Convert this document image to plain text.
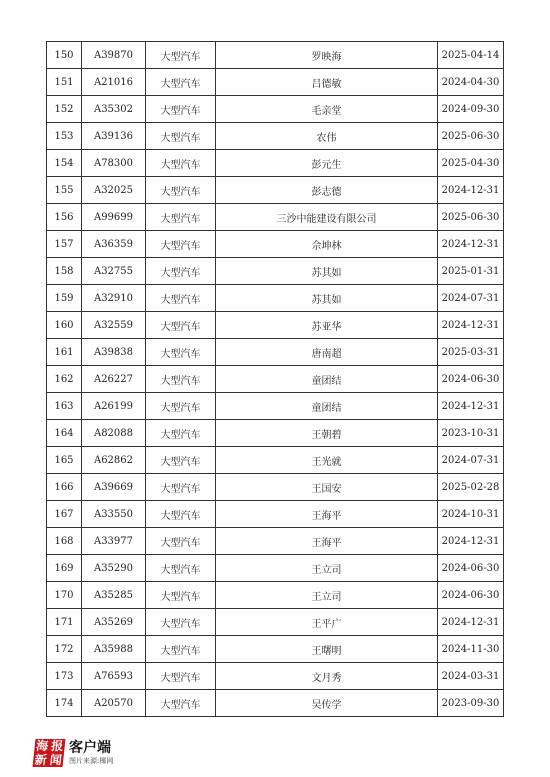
150	A39870	大型汽车	罗映海	2025-04-14
151	A21016	大型汽车	吕德敏	2024-04-30
152	A35302	大型汽车	毛亲堂	2024-09-30
153	A39136	大型汽车	农伟	2025-06-30
154	A78300	大型汽车	彭元生	2025-04-30
155	A32025	大型汽车	彭志德	2024-12-31
156	A99699	大型汽车	三沙中能建设有限公司	2025-06-30
157	A36359	大型汽车	佘坤林	2024-12-31
158	A32755	大型汽车	苏其如	2025-01-31
159	A32910	大型汽车	苏其如	2024-07-31
160	A32559	大型汽车	苏亚华	2024-12-31
161	A39838	大型汽车	唐南超	2025-03-31
162	A26227	大型汽车	童团结	2024-06-30
163	A26199	大型汽车	童团结	2024-12-31
164	A82088	大型汽车	王朝碧	2023-10-31
165	A62862	大型汽车	王光就	2024-07-31
166	A39669	大型汽车	王国安	2025-02-28
167	A33550	大型汽车	王海平	2024-10-31
168	A33977	大型汽车	王海平	2024-12-31
169	A35290	大型汽车	王立司	2024-06-30
170	A35285	大型汽车	王立司	2024-06-30
171	A35269	大型汽车	王平广	2024-12-31
172	A35988	大型汽车	王曙明	2024-11-30
173	A76593	大型汽车	文月秀	2024-03-31
174	A20570	大型汽车	吴传学	2023-09-30
海 报
新 闻
客户端
图片来源:椰网
